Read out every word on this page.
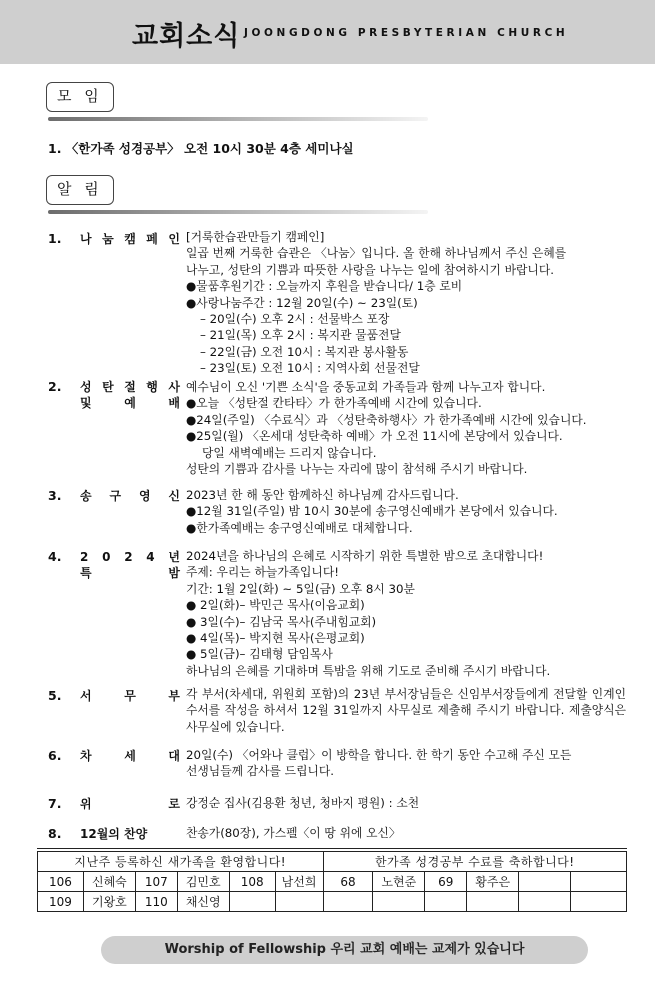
교회소식 JOONGDONG PRESBYTERIAN CHURCH
모 임
1. 〈한가족 성경공부〉 오전 10시 30분 4층 세미나실
알 림
1. 나 눔 캠 페 인 [거룩한습관만들기 캠페인]
일곱 번째 거룩한 습관은 〈나눔〉입니다. 올 한해 하나님께서 주신 은혜를
나누고, 성탄의 기쁨과 따뜻한 사랑을 나누는 일에 참여하시기 바랍니다.
●물품후원기간 : 오늘까지 후원을 받습니다/ 1층 로비
●사랑나눔주간 : 12월 20일(수) ~ 23일(토)
– 20일(수) 오후 2시 : 선물박스 포장
– 21일(목) 오후 2시 : 복지관 물품전달
– 22일(금) 오전 10시 : 복지관 봉사활동
– 23일(토) 오전 10시 : 지역사회 선물전달
2. 성 탄 절 행 사
및	예	배
예수님이 오신 '기쁜 소식'을 중동교회 가족들과 함께 나누고자 합니다.
●오늘 〈성탄절 칸타타〉가 한가족예배 시간에 있습니다.
●24일(주일) 〈수료식〉과 〈성탄축하행사〉가 한가족예배 시간에 있습니다.
●25일(월) 〈온세대 성탄축하 예배〉가 오전 11시에 본당에서 있습니다.
당일 새벽예배는 드리지 않습니다.
성탄의 기쁨과 감사를 나누는 자리에 많이 참석해 주시기 바랍니다.
3. 송 구 영 신 2023년 한 해 동안 함께하신 하나님께 감사드립니다.
●12월 31일(주일) 밤 10시 30분에 송구영신예배가 본당에서 있습니다.
●한가족예배는 송구영신예배로 대체합니다.
4. 2 0 2 4 년
특	밤
2024년을 하나님의 은혜로 시작하기 위한 특별한 밤으로 초대합니다!
주제: 우리는 하늘가족입니다!
기간: 1월 2일(화) ~ 5일(금) 오후 8시 30분
● 2일(화)– 박민근 목사(이음교회)
● 3일(수)– 김남국 목사(주내힘교회)
● 4일(목)– 박지현 목사(은평교회)
● 5일(금)– 김태형 담임목사
하나님의 은혜를 기대하며 특밤을 위해 기도로 준비해 주시기 바랍니다.
5. 서	무	부 각 부서(차세대, 위원회 포함)의 23년 부서장님들은 신임부서장들에게 전달할 인계인수서를 작성을 하셔서 12월 31일까지 사무실로 제출해 주시기 바랍니다. 제출양식은 사무실에 있습니다.
6. 차	세	대 20일(수) 〈어와나 클럽〉이 방학을 합니다. 한 학기 동안 수고해 주신 모든
선생님들께 감사를 드립니다.
7. 위	로 강정순 집사(김용환 청년, 청바지 평원) : 소천
8. 12월의 찬양	찬송가(80장), 가스펠〈이 땅 위에 오신〉
지난주 등록하신 새가족을 환영합니다!						한가족 성경공부 수료를 축하합니다!					
106	신혜숙	107	김민호	108	남선희	68	노현준	69	황주은		
109	기왕호	110	채신영								
Worship of Fellowship 우리 교회 예배는 교제가 있습니다
